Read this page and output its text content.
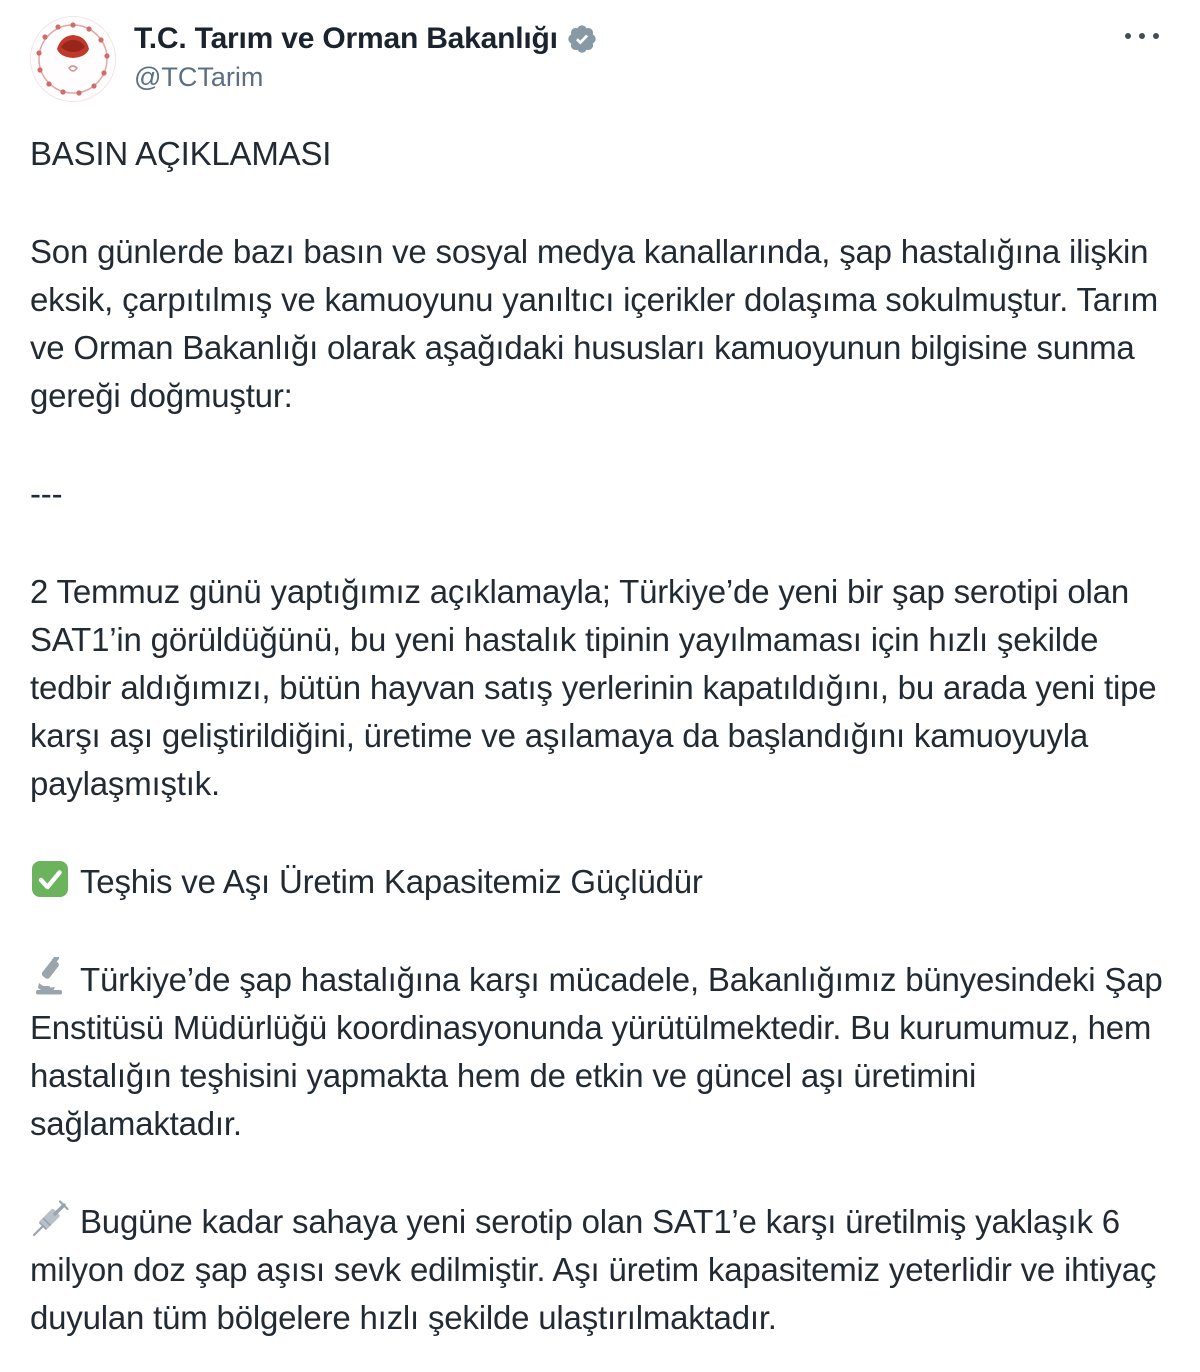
T.C. Tarım ve Orman Bakanlığı
@TCTarim

BASIN AÇIKLAMASI

Son günlerde bazı basın ve sosyal medya kanallarında, şap hastalığına ilişkin eksik, çarpıtılmış ve kamuoyunu yanıltıcı içerikler dolaşıma sokulmuştur. Tarım ve Orman Bakanlığı olarak aşağıdaki hususları kamuoyunun bilgisine sunma gereği doğmuştur:

---

2 Temmuz günü yaptığımız açıklamayla; Türkiye’de yeni bir şap serotipi olan SAT1’in görüldüğünü, bu yeni hastalık tipinin yayılmaması için hızlı şekilde tedbir aldığımızı, bütün hayvan satış yerlerinin kapatıldığını, bu arada yeni tipe karşı aşı geliştirildiğini, üretime ve aşılamaya da başlandığını kamuoyuyla paylaşmıştık.

Teşhis ve Aşı Üretim Kapasitemiz Güçlüdür

Türkiye’de şap hastalığına karşı mücadele, Bakanlığımız bünyesindeki Şap Enstitüsü Müdürlüğü koordinasyonunda yürütülmektedir. Bu kurumumuz, hem hastalığın teşhisini yapmakta hem de etkin ve güncel aşı üretimini sağlamaktadır.

Bugüne kadar sahaya yeni serotip olan SAT1’e karşı üretilmiş yaklaşık 6 milyon doz şap aşısı sevk edilmiştir. Aşı üretim kapasitemiz yeterlidir ve ihtiyaç duyulan tüm bölgelere hızlı şekilde ulaştırılmaktadır.
